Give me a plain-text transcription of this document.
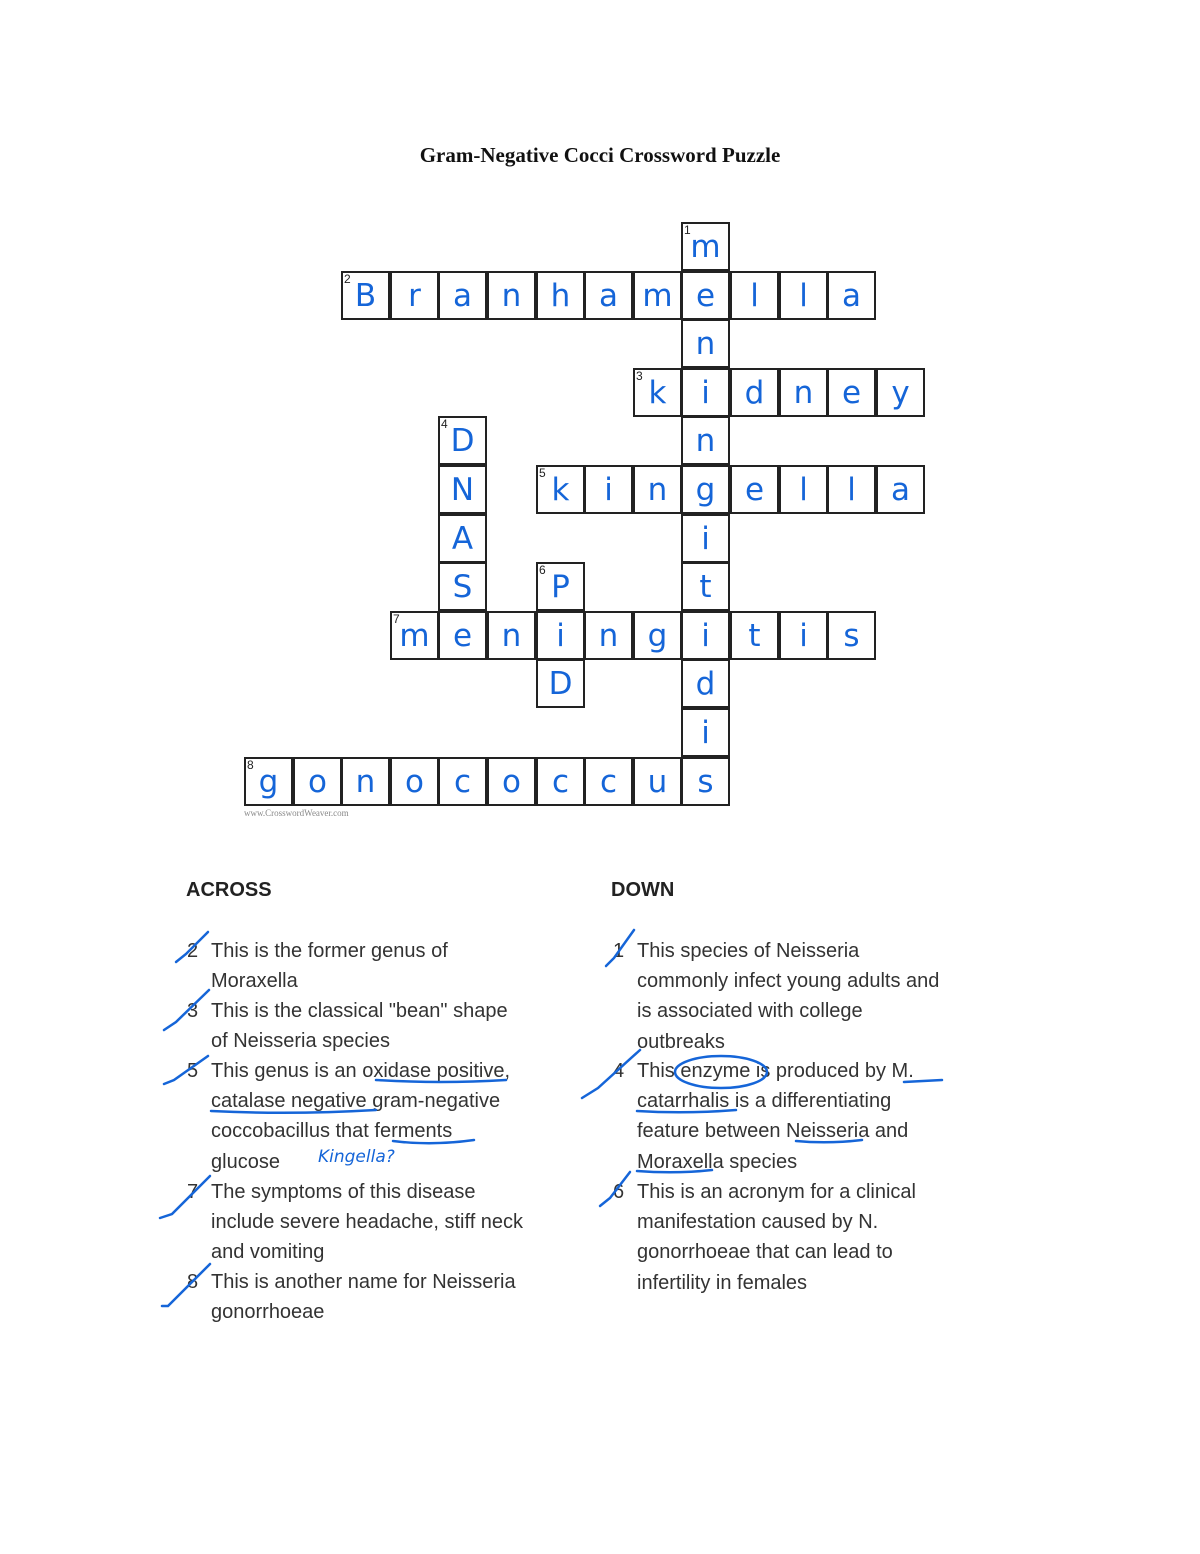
Gram-Negative Cocci Crossword Puzzle
1 m
e
n
i
n
g
i
t
i
d
i
s
2 B	r	a n h a m	l	l	a
3 k	d n e y
4 D
N
A
S
5 k	i	n	e	l	l	a
6 P
i
D
7 m e n	n g	t	i	s
8 g o n o c	o c c u
www.CrosswordWeaver.com
ACROSS	DOWN
2 This is the former genus of
Moraxella
3 This is the classical "bean" shape
of Neisseria species
5 This genus is an oxidase positive,
catalase negative gram-negative
coccobacillus that ferments
glucose
7 The symptoms of this disease
include severe headache, stiff neck
and vomiting
8 This is another name for Neisseria
gonorrhoeae
1 This species of Neisseria
commonly infect young adults and
is associated with college
outbreaks
4 This enzyme is produced by M.
catarrhalis is a differentiating
feature between Neisseria and
Moraxella species
6 This is an acronym for a clinical
manifestation caused by N.
gonorrhoeae that can lead to
infertility in females
Kingella?
